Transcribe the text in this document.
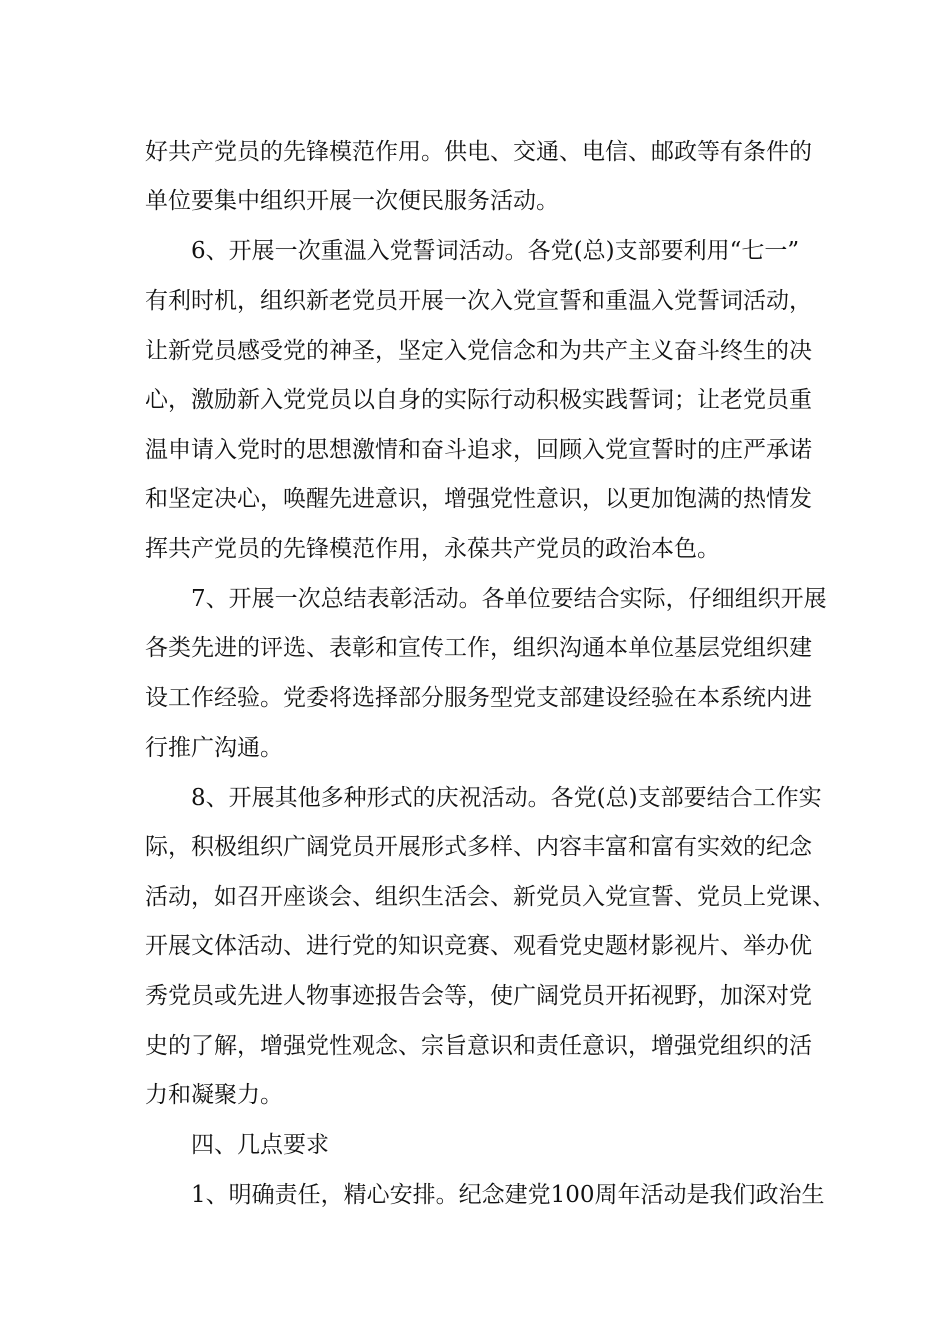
好共产党员的先锋模范作用。供电、交通、电信、邮政等有条件的

单位要集中组织开展一次便民服务活动。

6、开展一次重温入党誓词活动。各党(总)支部要利用“七一”

有利时机，组织新老党员开展一次入党宣誓和重温入党誓词活动，

让新党员感受党的神圣，坚定入党信念和为共产主义奋斗终生的决

心，激励新入党党员以自身的实际行动积极实践誓词；让老党员重

温申请入党时的思想激情和奋斗追求，回顾入党宣誓时的庄严承诺

和坚定决心，唤醒先进意识，增强党性意识，以更加饱满的热情发

挥共产党员的先锋模范作用，永葆共产党员的政治本色。

7、开展一次总结表彰活动。各单位要结合实际，仔细组织开展

各类先进的评选、表彰和宣传工作，组织沟通本单位基层党组织建

设工作经验。党委将选择部分服务型党支部建设经验在本系统内进

行推广沟通。

8、开展其他多种形式的庆祝活动。各党(总)支部要结合工作实

际，积极组织广阔党员开展形式多样、内容丰富和富有实效的纪念

活动，如召开座谈会、组织生活会、新党员入党宣誓、党员上党课、

开展文体活动、进行党的知识竞赛、观看党史题材影视片、举办优

秀党员或先进人物事迹报告会等，使广阔党员开拓视野，加深对党

史的了解，增强党性观念、宗旨意识和责任意识，增强党组织的活

力和凝聚力。

四、几点要求

1、明确责任，精心安排。纪念建党100周年活动是我们政治生
